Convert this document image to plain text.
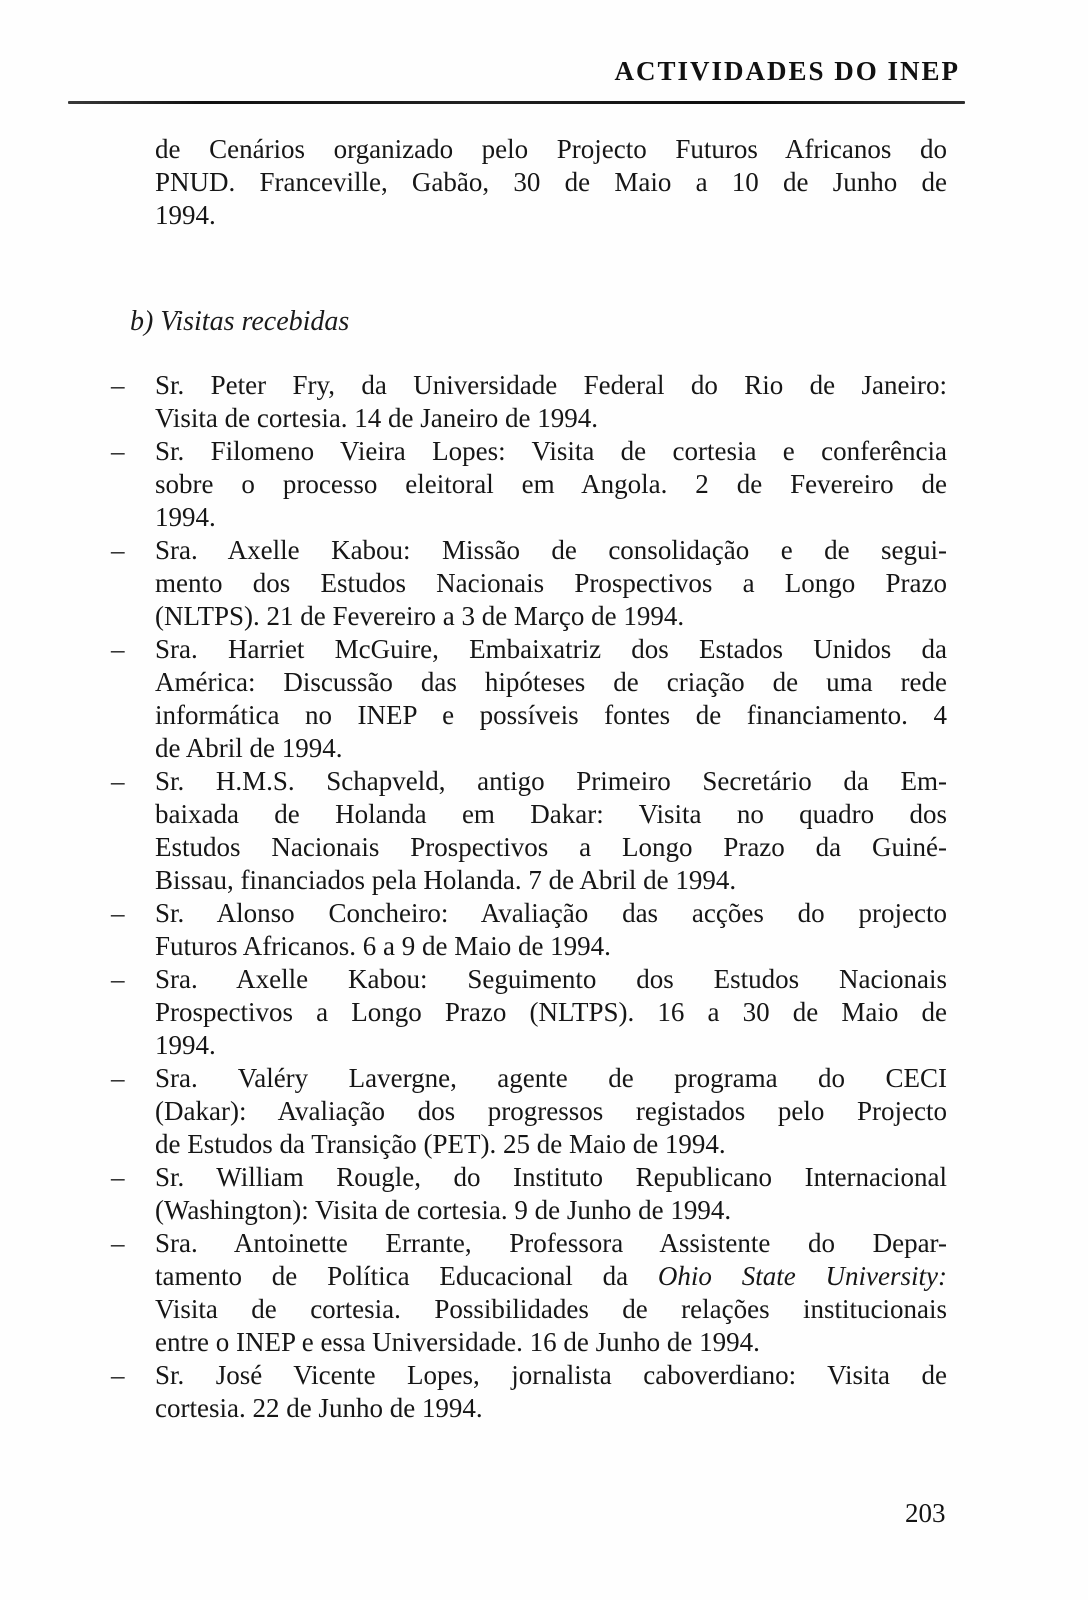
ACTIVIDADES DO INEP
de Cenários organizado pelo Projecto Futuros Africanos do
PNUD. Franceville, Gabão, 30 de Maio a 10 de Junho de
1994.
b) Visitas recebidas
– Sr. Peter Fry, da Universidade Federal do Rio de Janeiro:
Visita de cortesia. 14 de Janeiro de 1994.
– Sr. Filomeno Vieira Lopes: Visita de cortesia e conferência
sobre o processo eleitoral em Angola. 2 de Fevereiro de
1994.
– Sra. Axelle Kabou: Missão de consolidação e de segui-
mento dos Estudos Nacionais Prospectivos a Longo Prazo
(NLTPS). 21 de Fevereiro a 3 de Março de 1994.
– Sra. Harriet McGuire, Embaixatriz dos Estados Unidos da
América: Discussão das hipóteses de criação de uma rede
informática no INEP e possíveis fontes de financiamento. 4
de Abril de 1994.
– Sr. H.M.S. Schapveld, antigo Primeiro Secretário da Em-
baixada de Holanda em Dakar: Visita no quadro dos
Estudos Nacionais Prospectivos a Longo Prazo da Guiné-
Bissau, financiados pela Holanda. 7 de Abril de 1994.
– Sr. Alonso Concheiro: Avaliação das acções do projecto
Futuros Africanos. 6 a 9 de Maio de 1994.
– Sra. Axelle Kabou: Seguimento dos Estudos Nacionais
Prospectivos a Longo Prazo (NLTPS). 16 a 30 de Maio de
1994.
– Sra. Valéry Lavergne, agente de programa do CECI
(Dakar): Avaliação dos progressos registados pelo Projecto
de Estudos da Transição (PET). 25 de Maio de 1994.
– Sr. William Rougle, do Instituto Republicano Internacional
(Washington): Visita de cortesia. 9 de Junho de 1994.
– Sra. Antoinette Errante, Professora Assistente do Depar-
tamento de Política Educacional da Ohio State University:
Visita de cortesia. Possibilidades de relações institucionais
entre o INEP e essa Universidade. 16 de Junho de 1994.
– Sr. José Vicente Lopes, jornalista caboverdiano: Visita de
cortesia. 22 de Junho de 1994.
203
